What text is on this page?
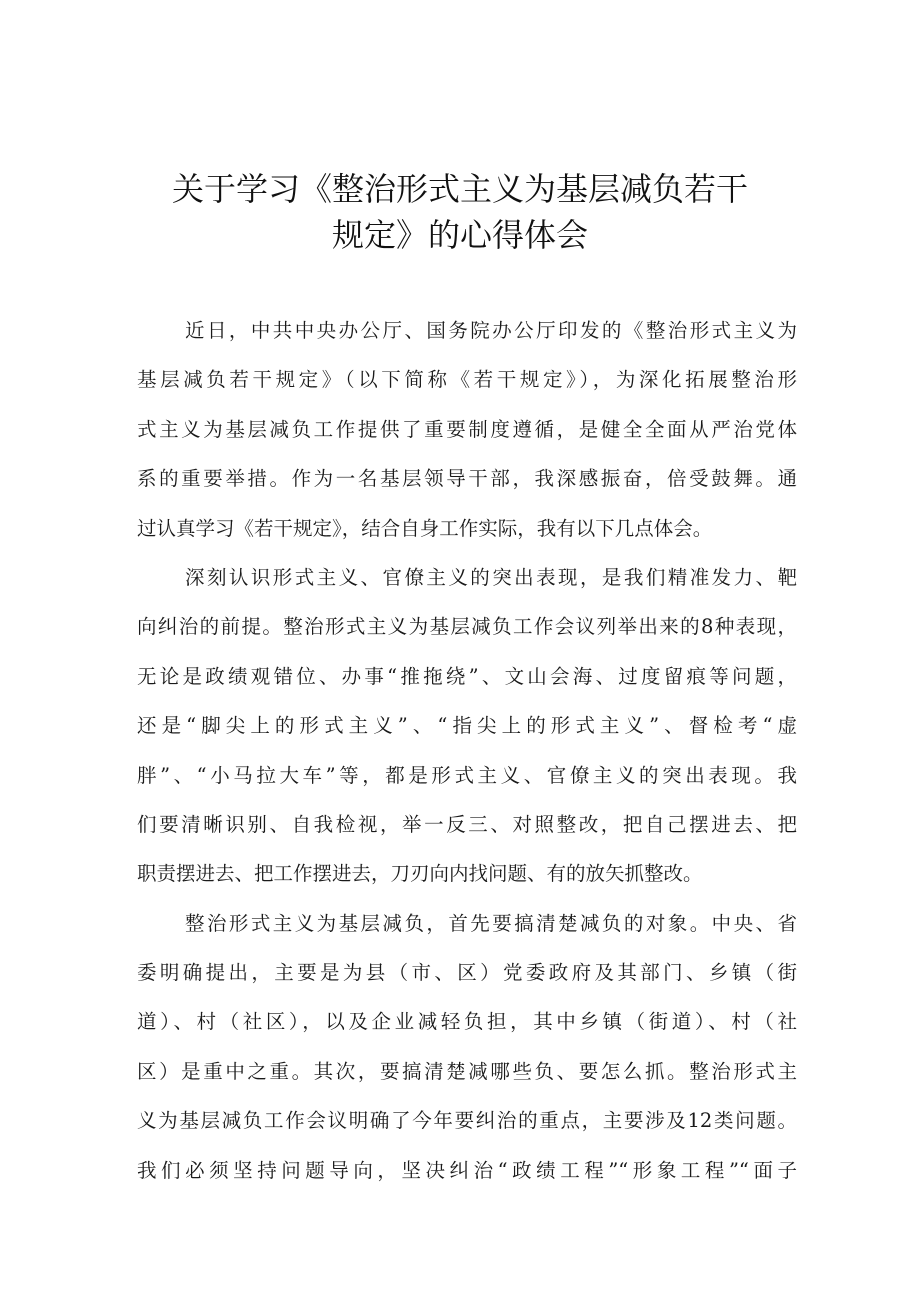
关于学习《整治形式主义为基层减负若干
规定》的心得体会
近日，中共中央办公厅、国务院办公厅印发的《整治形式主义为
基层减负若干规定》（以下简称《若干规定》），为深化拓展整治形
式主义为基层减负工作提供了重要制度遵循，是健全全面从严治党体
系的重要举措。作为一名基层领导干部，我深感振奋，倍受鼓舞。通
过认真学习《若干规定》，结合自身工作实际，我有以下几点体会。
深刻认识形式主义、官僚主义的突出表现，是我们精准发力、靶
向纠治的前提。整治形式主义为基层减负工作会议列举出来的8种表现，
无论是政绩观错位、办事“推拖绕”、文山会海、过度留痕等问题，
还是“脚尖上的形式主义”、“指尖上的形式主义”、督检考“虚
胖”、“小马拉大车”等，都是形式主义、官僚主义的突出表现。我
们要清晰识别、自我检视，举一反三、对照整改，把自己摆进去、把
职责摆进去、把工作摆进去，刀刃向内找问题、有的放矢抓整改。
整治形式主义为基层减负，首先要搞清楚减负的对象。中央、省
委明确提出，主要是为县（市、区）党委政府及其部门、乡镇（街
道）、村（社区），以及企业减轻负担，其中乡镇（街道）、村（社
区）是重中之重。其次，要搞清楚减哪些负、要怎么抓。整治形式主
义为基层减负工作会议明确了今年要纠治的重点，主要涉及12类问题。
我们必须坚持问题导向，坚决纠治“政绩工程”“形象工程”“面子
